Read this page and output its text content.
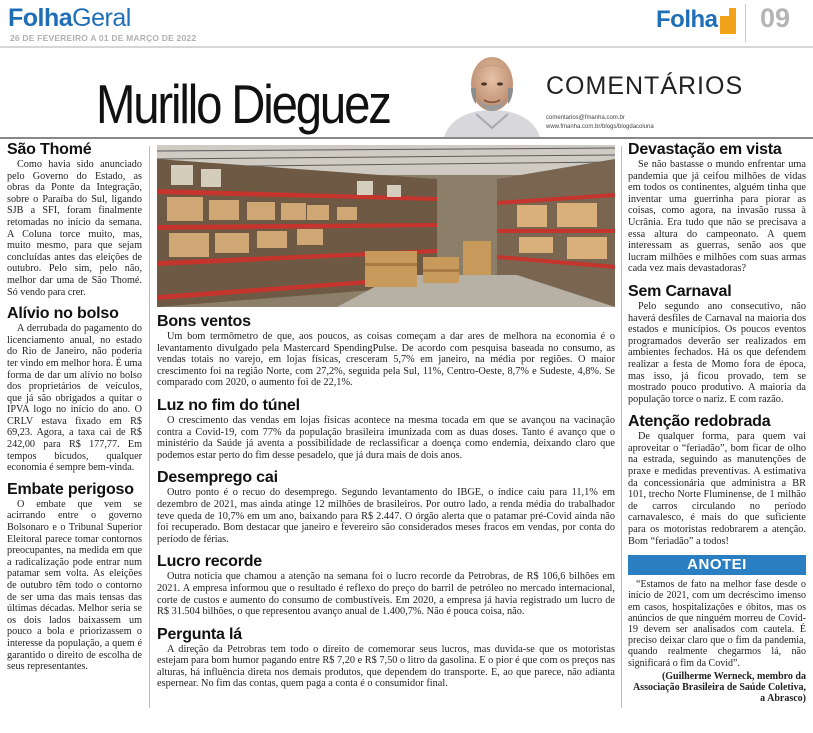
FolhaGeral
26 DE FEVEREIRO A 01 DE MARÇO DE 2022
Folha 09
Murillo Dieguez	COMENTÁRIOS
comentarios@fmanha.com.br
www.fmanha.com.br/blogs/blogdacoluna
São Thomé

Como havia sido anunciado pelo Governo do Estado, as obras da Ponte da Integração, sobre o Paraíba do Sul, ligando SJB a SFI, foram finalmente retomadas no início da semana. A Coluna torce muito, mas, muito mesmo, para que sejam concluídas antes das eleições de outubro. Pelo sim, pelo não, melhor dar uma de São Thomé. Só vendo para crer.

Alívio no bolso

A derrubada do pagamento do licenciamento anual, no estado do Rio de Janeiro, não poderia ter vindo em melhor hora. É uma forma de dar um alívio no bolso dos proprietários de veículos, que já são obrigados a quitar o IPVA logo no início do ano. O CRLV estava fixado em R$ 69,23. Agora, a taxa cai de R$ 242,00 para R$ 177,77. Em tempos bicudos, qualquer economia é sempre bem-vinda.

Embate perigoso

O embate que vem se acirrando entre o governo Bolsonaro e o Tribunal Superior Eleitoral parece tomar contornos preocupantes, na medida em que a radicalização pode entrar num patamar sem volta. As eleições de outubro têm todo o contorno de ser uma das mais tensas das últimas décadas. Melhor seria se os dois lados baixassem um pouco a bola e priorizassem o interesse da população, a quem é garantido o direito de escolha de seus representantes.

Bons ventos

Um bom termômetro de que, aos poucos, as coisas começam a dar ares de melhora na economia é o levantamento divulgado pela Mastercard SpendingPulse. De acordo com pesquisa baseada no consumo, as vendas totais no varejo, em lojas físicas, cresceram 5,7% em janeiro, na média por regiões. O maior crescimento foi na região Norte, com 27,2%, seguida pela Sul, 11%, Centro-Oeste, 8,7% e Sudeste, 4,8%. Se comparado com 2020, o aumento foi de 22,1%.

Luz no fim do túnel

O crescimento das vendas em lojas físicas acontece na mesma tocada em que se avançou na vacinação contra a Covid-19, com 77% da população brasileira imunizada com as duas doses. Tanto é avanço que o ministério da Saúde já aventa a possibilidade de reclassificar a doença como endemia, deixando claro que podemos estar perto do fim desse pesadelo, que já dura mais de dois anos.

Desemprego cai

Outro ponto é o recuo do desemprego. Segundo levantamento do IBGE, o índice caiu para 11,1% em dezembro de 2021, mas ainda atinge 12 milhões de brasileiros. Por outro lado, a renda média do trabalhador teve queda de 10,7% em um ano, baixando para R$ 2.447. O órgão alerta que o patamar pré-Covid ainda não foi recuperado. Bom destacar que janeiro e fevereiro são considerados meses fracos em vendas, por conta do período de férias.

Lucro recorde

Outra notícia que chamou a atenção na semana foi o lucro recorde da Petrobras, de R$ 106,6 bilhões em 2021. A empresa informou que o resultado é reflexo do preço do barril de petróleo no mercado internacional, corte de custos e aumento do consumo de combustíveis. Em 2020, a empresa já havia registrado um lucro de R$ 31.504 bilhões, o que representou avanço anual de 1.400,7%. Não é pouca coisa, não.

Pergunta lá

A direção da Petrobras tem todo o direito de comemorar seus lucros, mas duvida-se que os motoristas estejam para bom humor pagando entre R$ 7,20 e R$ 7,50 o litro da gasolina. E o pior é que com os preços nas alturas, há influência direta nos demais produtos, que dependem do transporte. E, ao que parece, não adianta espernear. No fim das contas, quem paga a conta é o consumidor final.

Devastação em vista

Se não bastasse o mundo enfrentar uma pandemia que já ceifou milhões de vidas em todos os continentes, alguém tinha que inventar uma guerrinha para piorar as coisas, como agora, na invasão russa à Ucrânia. Era tudo que não se precisava a essa altura do campeonato. A quem interessam as guerras, senão aos que lucram milhões e milhões com suas armas cada vez mais devastadoras?

Sem Carnaval

Pelo segundo ano consecutivo, não haverá desfiles de Carnaval na maioria dos estados e municípios. Os poucos eventos programados deverão ser realizados em ambientes fechados. Há os que defendem realizar a festa de Momo fora de época, mas isso, já ficou provado, tem se mostrado pouco produtivo. A maioria da população torce o nariz. E com razão.

Atenção redobrada

De qualquer forma, para quem vai aproveitar o “feriadão”, bom ficar de olho na estrada, seguindo as manutenções de praxe e medidas preventivas. A estimativa da concessionária que administra a BR 101, trecho Norte Fluminense, de 1 milhão de carros circulando no período carnavalesco, é mais do que suficiente para os motoristas redobrarem a atenção. Bom “feriadão” a todos!

ANOTEI

“Estamos de fato na melhor fase desde o início de 2021, com um decréscimo imenso em casos, hospitalizações e óbitos, mas os anúncios de que ninguém morreu de Covid-19 devem ser analisados com cautela. É preciso deixar claro que o fim da pandemia, quando realmente chegarmos lá, não significará o fim da Covid”.

(Guilherme Werneck, membro da Associação Brasileira de Saúde Coletiva, a Abrasco)
